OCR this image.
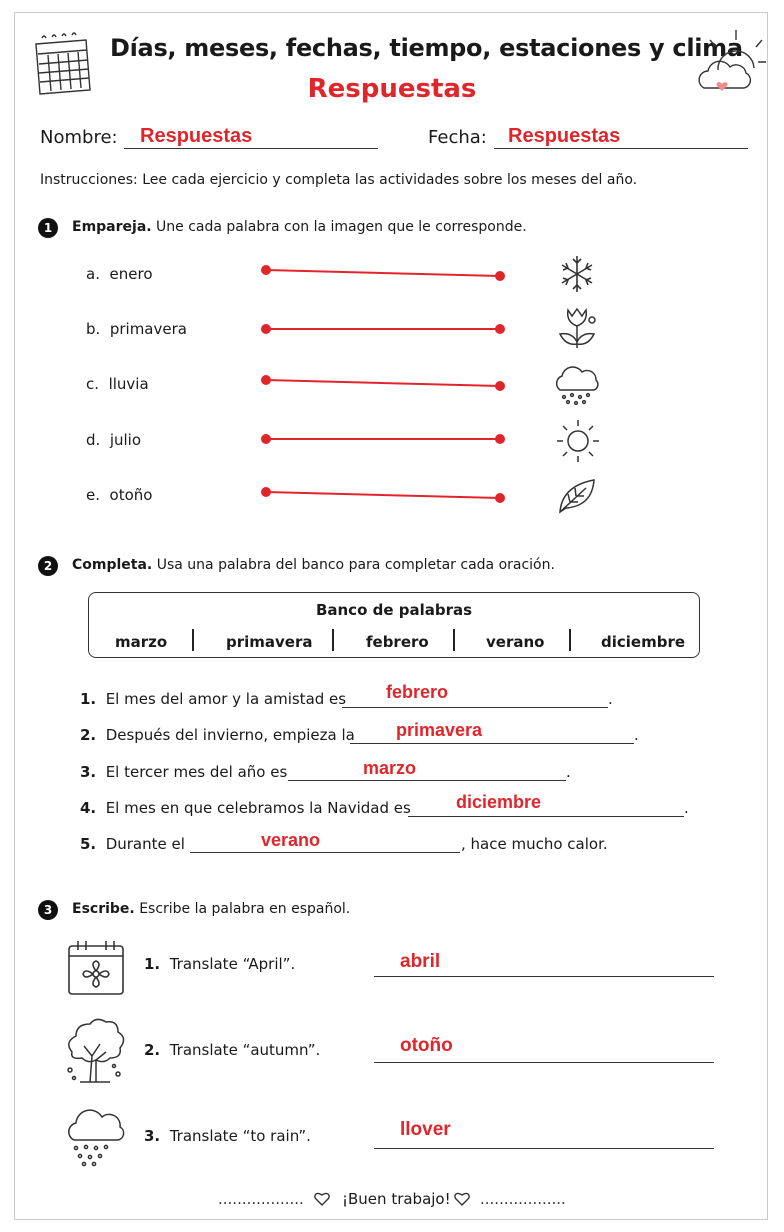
Días, meses, fechas, tiempo, estaciones y clima
Respuestas
Nombre: Respuestas	Fecha: Respuestas
Instrucciones: Lee cada ejercicio y completa las actividades sobre los meses del año.
1	Empareja. Une cada palabra con la imagen que le corresponde.
a. enero
b. primavera
c. lluvia
d. julio
e. otoño
2	Completa. Usa una palabra del banco para completar cada oración.
Banco de palabras
marzo	primavera	febrero	verano	diciembre
1. El mes del amor y la amistad es	.
febrero
2. Después del invierno, empieza la	.
primavera
3. El tercer mes del año es	.
marzo
4. El mes en que celebramos la Navidad es	.
diciembre
5. Durante el	, hace mucho calor.
verano
3	Escribe. Escribe la palabra en español.
1. Translate “April”.	abril
2. Translate “autumn”.	otoño
3. Translate “to rain”.	llover
..................	¡Buen trabajo! ..................
